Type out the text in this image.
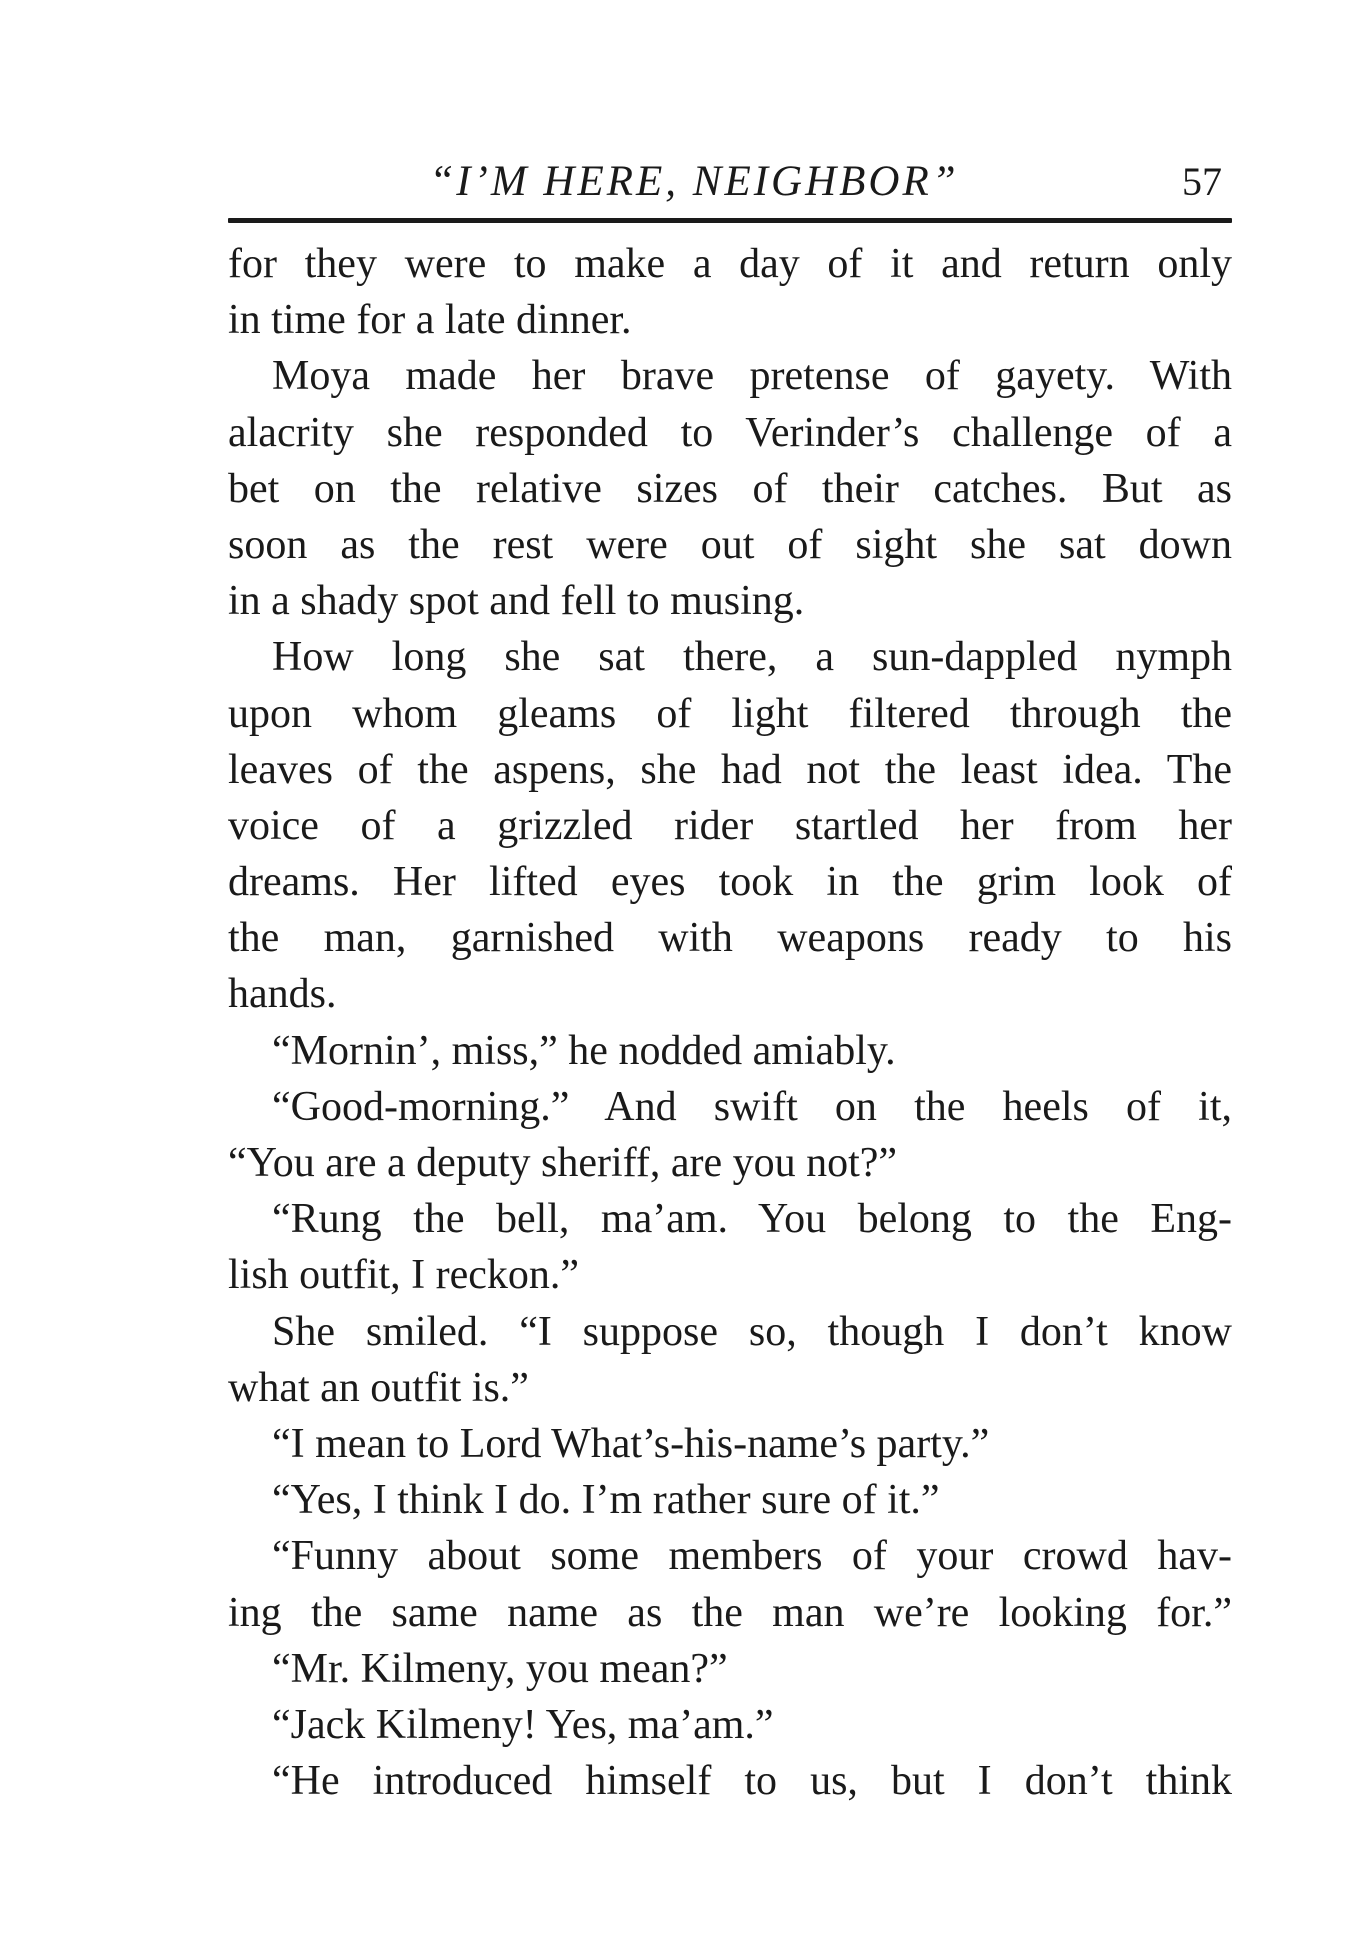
“I’M HERE, NEIGHBOR”	57
for they were to make a day of it and return only
in time for a late dinner.
Moya made her brave pretense of gayety. With
alacrity she responded to Verinder’s challenge of a
bet on the relative sizes of their catches. But as
soon as the rest were out of sight she sat down
in a shady spot and fell to musing.
How long she sat there, a sun-dappled nymph
upon whom gleams of light filtered through the
leaves of the aspens, she had not the least idea. The
voice of a grizzled rider startled her from her
dreams. Her lifted eyes took in the grim look of
the man, garnished with weapons ready to his
hands.
“Mornin’, miss,” he nodded amiably.
“Good-morning.” And swift on the heels of it,
“You are a deputy sheriff, are you not?”
“Rung the bell, ma’am. You belong to the Eng-
lish outfit, I reckon.”
She smiled. “I suppose so, though I don’t know
what an outfit is.”
“I mean to Lord What’s-his-name’s party.”
“Yes, I think I do. I’m rather sure of it.”
“Funny about some members of your crowd hav-
ing the same name as the man we’re looking for.”
“Mr. Kilmeny, you mean?”
“Jack Kilmeny! Yes, ma’am.”
“He introduced himself to us, but I don’t think
